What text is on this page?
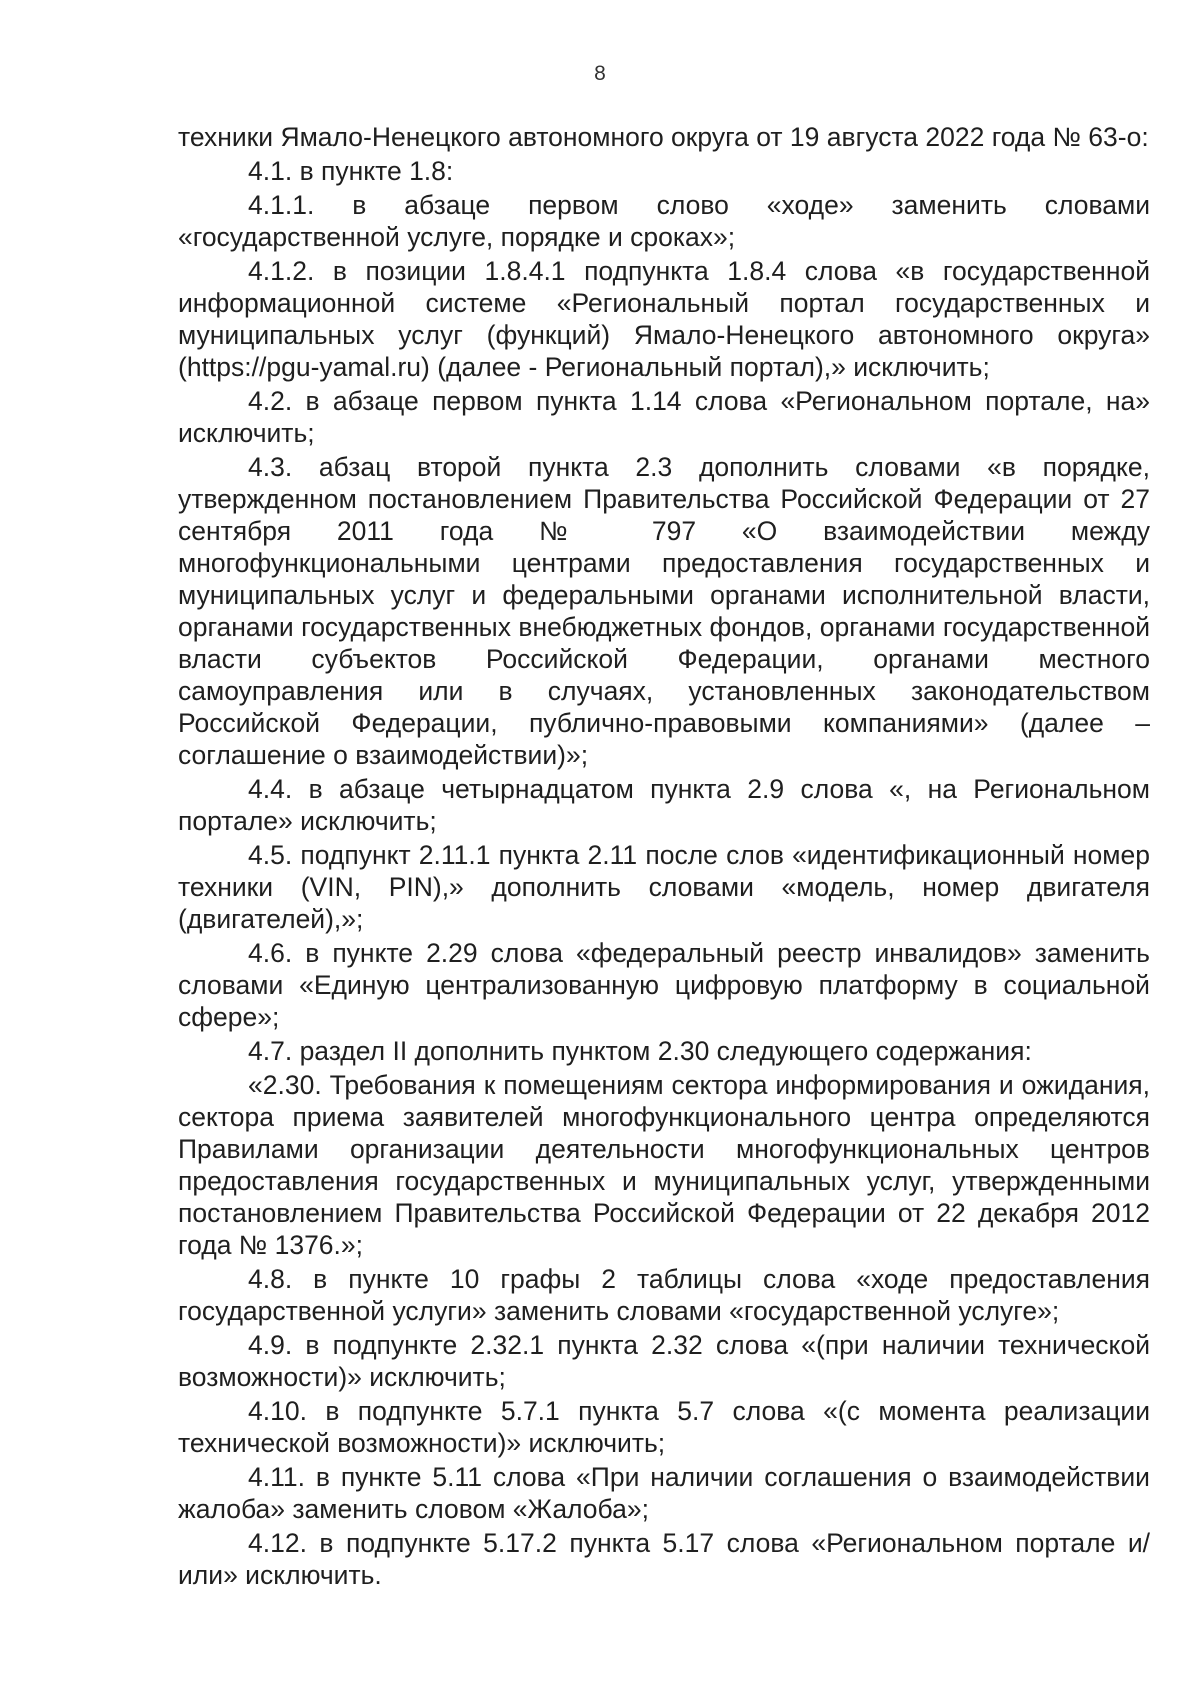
8

техники Ямало-Ненецкого автономного округа от 19 августа 2022 года № 63-о:

4.1. в пункте 1.8:

4.1.1. в абзаце первом слово «ходе» заменить словами «государственной услуге, порядке и сроках»;

4.1.2. в позиции 1.8.4.1 подпункта 1.8.4 слова «в государственной информационной системе «Региональный портал государственных и муниципальных услуг (функций) Ямало-Ненецкого автономного округа» (https://pgu-yamal.ru) (далее - Региональный портал),» исключить;

4.2. в абзаце первом пункта 1.14 слова «Региональном портале, на» исключить;

4.3. абзац второй пункта 2.3 дополнить словами «в порядке, утвержденном постановлением Правительства Российской Федерации от 27 сентября 2011 года № 797 «О взаимодействии между многофункциональными центрами предоставления государственных и муниципальных услуг и федеральными органами исполнительной власти, органами государственных внебюджетных фондов, органами государственной власти субъектов Российской Федерации, органами местного самоуправления или в случаях, установленных законодательством Российской Федерации, публично-правовыми компаниями» (далее – соглашение о взаимодействии)»;

4.4. в абзаце четырнадцатом пункта 2.9 слова «, на Региональном портале» исключить;

4.5. подпункт 2.11.1 пункта 2.11 после слов «идентификационный номер техники (VIN, PIN),» дополнить словами «модель, номер двигателя (двигателей),»;

4.6. в пункте 2.29 слова «федеральный реестр инвалидов» заменить словами «Единую централизованную цифровую платформу в социальной сфере»;

4.7. раздел II дополнить пунктом 2.30 следующего содержания:

«2.30. Требования к помещениям сектора информирования и ожидания, сектора приема заявителей многофункционального центра определяются Правилами организации деятельности многофункциональных центров предоставления государственных и муниципальных услуг, утвержденными постановлением Правительства Российской Федерации от 22 декабря 2012 года № 1376.»;

4.8. в пункте 10 графы 2 таблицы слова «ходе предоставления государственной услуги» заменить словами «государственной услуге»;

4.9. в подпункте 2.32.1 пункта 2.32 слова «(при наличии технической возможности)» исключить;

4.10. в подпункте 5.7.1 пункта 5.7 слова «(с момента реализации технической возможности)» исключить;

4.11. в пункте 5.11 слова «При наличии соглашения о взаимодействии жалоба» заменить словом «Жалоба»;

4.12. в подпункте 5.17.2 пункта 5.17 слова «Региональном портале и/или» исключить.
